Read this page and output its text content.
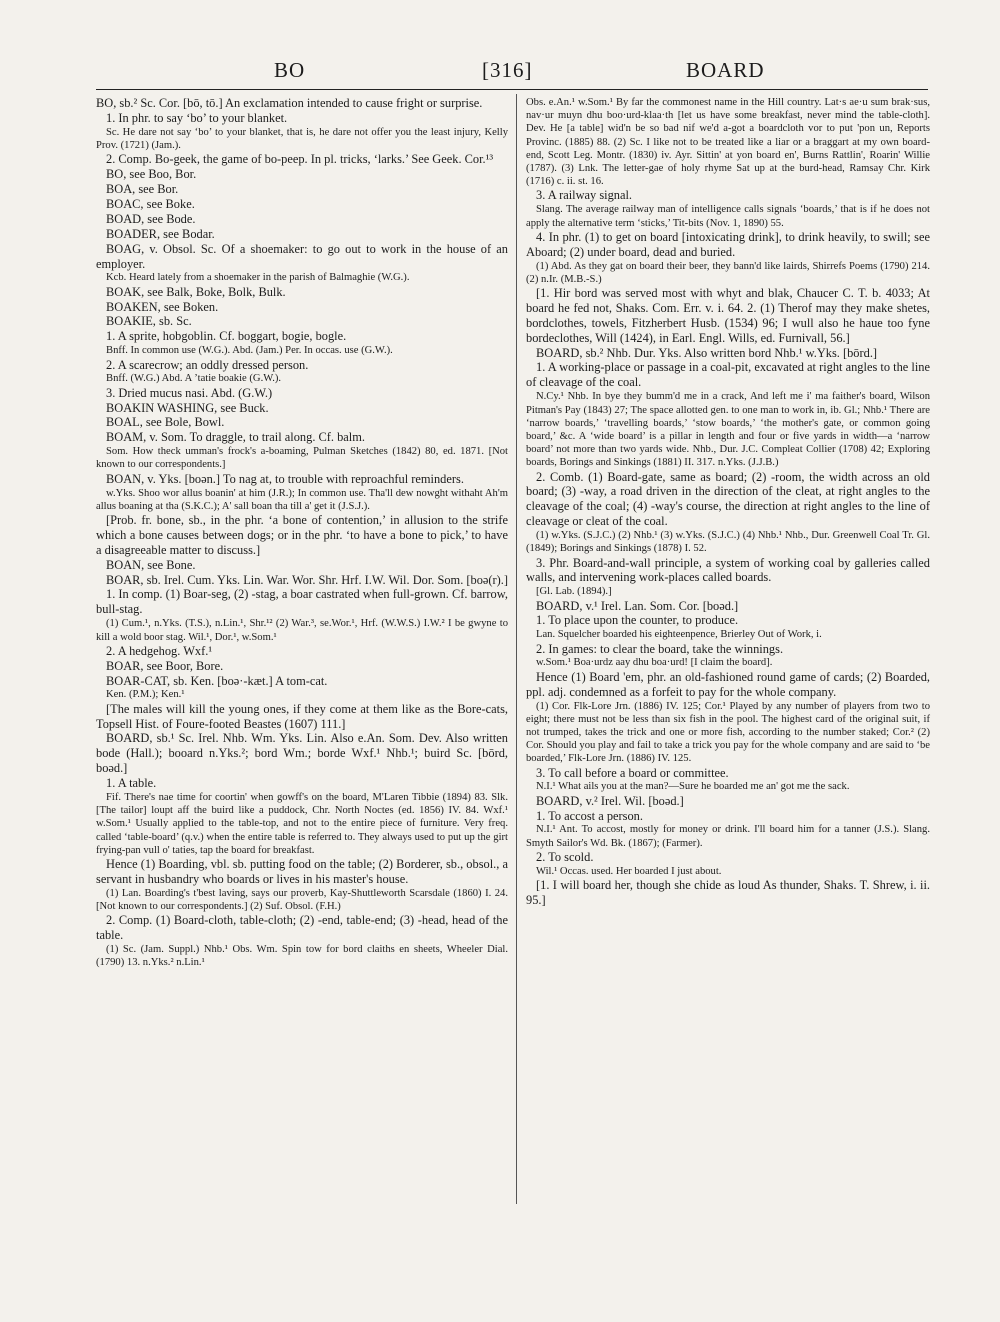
BO	[316]	BOARD

BO, sb.² Sc. Cor. [bō, tō.] An exclamation intended to cause fright or surprise.

1. In phr. to say ‘bo’ to your blanket.

Sc. He dare not say ‘bo’ to your blanket, that is, he dare not offer you the least injury, Kelly Prov. (1721) (Jam.).

2. Comp. Bo-geek, the game of bo-peep. In pl. tricks, ‘larks.’ See Geek. Cor.¹³

BO, see Boo, Bor.

BOA, see Bor.

BOAC, see Boke.

BOAD, see Bode.

BOADER, see Bodar.

BOAG, v. Obsol. Sc. Of a shoemaker: to go out to work in the house of an employer.

Kcb. Heard lately from a shoemaker in the parish of Balmaghie (W.G.).

BOAK, see Balk, Boke, Bolk, Bulk.

BOAKEN, see Boken.

BOAKIE, sb. Sc.

1. A sprite, hobgoblin. Cf. boggart, bogie, bogle.

Bnff. In common use (W.G.). Abd. (Jam.) Per. In occas. use (G.W.).

2. A scarecrow; an oddly dressed person.

Bnff. (W.G.) Abd. A ’tatie boakie (G.W.).

3. Dried mucus nasi. Abd. (G.W.)

BOAKIN WASHING, see Buck.

BOAL, see Bole, Bowl.

BOAM, v. Som. To draggle, to trail along. Cf. balm.

Som. How theck umman's frock's a-boaming, Pulman Sketches (1842) 80, ed. 1871. [Not known to our correspondents.]

BOAN, v. Yks. [boən.] To nag at, to trouble with reproachful reminders.

w.Yks. Shoo wor allus boanin' at him (J.R.); In common use. Tha'll dew nowght withaht Ah'm allus boaning at tha (S.K.C.); A' sall boan tha till a' get it (J.S.J.).

[Prob. fr. bone, sb., in the phr. ‘a bone of contention,’ in allusion to the strife which a bone causes between dogs; or in the phr. ‘to have a bone to pick,’ to have a disagreeable matter to discuss.]

BOAN, see Bone.

BOAR, sb. Irel. Cum. Yks. Lin. War. Wor. Shr. Hrf. I.W. Wil. Dor. Som. [boə(r).]

1. In comp. (1) Boar-seg, (2) -stag, a boar castrated when full-grown. Cf. barrow, bull-stag.

(1) Cum.¹, n.Yks. (T.S.), n.Lin.¹, Shr.¹² (2) War.³, se.Wor.¹, Hrf. (W.W.S.) I.W.² I be gwyne to kill a wold boor stag. Wil.¹, Dor.¹, w.Som.¹

2. A hedgehog. Wxf.¹

BOAR, see Boor, Bore.

BOAR-CAT, sb. Ken. [boə·-kæt.] A tom-cat.

Ken. (P.M.); Ken.¹

[The males will kill the young ones, if they come at them like as the Bore-cats, Topsell Hist. of Foure-footed Beastes (1607) 111.]

BOARD, sb.¹ Sc. Irel. Nhb. Wm. Yks. Lin. Also e.An. Som. Dev. Also written bode (Hall.); booard n.Yks.²; bord Wm.; borde Wxf.¹ Nhb.¹; buird Sc. [bōrd, boəd.]

1. A table.

Fif. There's nae time for coortin' when gowff's on the board, M'Laren Tibbie (1894) 83. Slk. [The tailor] loupt aff the buird like a puddock, Chr. North Noctes (ed. 1856) IV. 84. Wxf.¹ w.Som.¹ Usually applied to the table-top, and not to the entire piece of furniture. Very freq. called ‘table-board’ (q.v.) when the entire table is referred to. They always used to put up the girt frying-pan vull o' taties, tap the board for breakfast.

Hence (1) Boarding, vbl. sb. putting food on the table; (2) Borderer, sb., obsol., a servant in husbandry who boards or lives in his master's house.

(1) Lan. Boarding's t'best laving, says our proverb, Kay-Shuttleworth Scarsdale (1860) I. 24. [Not known to our correspondents.] (2) Suf. Obsol. (F.H.)

2. Comp. (1) Board-cloth, table-cloth; (2) -end, table-end; (3) -head, head of the table.

(1) Sc. (Jam. Suppl.) Nhb.¹ Obs. Wm. Spin tow for bord claiths en sheets, Wheeler Dial. (1790) 13. n.Yks.² n.Lin.¹

Obs. e.An.¹ w.Som.¹ By far the commonest name in the Hill country. Lat·s ae·u sum brak·sus, nav·ur muyn dhu boo·urd-klaa·th [let us have some breakfast, never mind the table-cloth]. Dev. He [a table] wid'n be so bad nif we'd a-got a boardcloth vor to put 'pon un, Reports Provinc. (1885) 88. (2) Sc. I like not to be treated like a liar or a braggart at my own board-end, Scott Leg. Montr. (1830) iv. Ayr. Sittin' at yon board en', Burns Rattlin', Roarin' Willie (1787). (3) Lnk. The letter-gae of holy rhyme Sat up at the burd-head, Ramsay Chr. Kirk (1716) c. ii. st. 16.

3. A railway signal.

Slang. The average railway man of intelligence calls signals ‘boards,’ that is if he does not apply the alternative term ‘sticks,’ Tit-bits (Nov. 1, 1890) 55.

4. In phr. (1) to get on board [intoxicating drink], to drink heavily, to swill; see Aboard; (2) under board, dead and buried.

(1) Abd. As they gat on board their beer, they bann'd like lairds, Shirrefs Poems (1790) 214. (2) n.Ir. (M.B.-S.)

[1. Hir bord was served most with whyt and blak, Chaucer C. T. b. 4033; At board he fed not, Shaks. Com. Err. v. i. 64. 2. (1) Therof may they make shetes, bordclothes, towels, Fitzherbert Husb. (1534) 96; I wull also he haue too fyne bordeclothes, Will (1424), in Earl. Engl. Wills, ed. Furnivall, 56.]

BOARD, sb.² Nhb. Dur. Yks. Also written bord Nhb.¹ w.Yks. [bōrd.]

1. A working-place or passage in a coal-pit, excavated at right angles to the line of cleavage of the coal.

N.Cy.¹ Nhb. In bye they bumm'd me in a crack, And left me i' ma faither's board, Wilson Pitman's Pay (1843) 27; The space allotted gen. to one man to work in, ib. Gl.; Nhb.¹ There are ‘narrow boards,’ ‘travelling boards,’ ‘stow boards,’ ‘the mother's gate, or common going board,’ &c. A ‘wide board’ is a pillar in length and four or five yards in width—a ‘narrow board’ not more than two yards wide. Nhb., Dur. J.C. Compleat Collier (1708) 42; Exploring boards, Borings and Sinkings (1881) II. 317. n.Yks. (J.J.B.)

2. Comb. (1) Board-gate, same as board; (2) -room, the width across an old board; (3) -way, a road driven in the direction of the cleat, at right angles to the cleavage of the coal; (4) -way's course, the direction at right angles to the line of cleavage or cleat of the coal.

(1) w.Yks. (S.J.C.) (2) Nhb.¹ (3) w.Yks. (S.J.C.) (4) Nhb.¹ Nhb., Dur. Greenwell Coal Tr. Gl. (1849); Borings and Sinkings (1878) I. 52.

3. Phr. Board-and-wall principle, a system of working coal by galleries called walls, and intervening work-places called boards.

[Gl. Lab. (1894).]

BOARD, v.¹ Irel. Lan. Som. Cor. [boəd.]

1. To place upon the counter, to produce.

Lan. Squelcher boarded his eighteenpence, Brierley Out of Work, i.

2. In games: to clear the board, take the winnings.

w.Som.¹ Boa·urdz aay dhu boa·urd! [I claim the board].

Hence (1) Board 'em, phr. an old-fashioned round game of cards; (2) Boarded, ppl. adj. condemned as a forfeit to pay for the whole company.

(1) Cor. Flk-Lore Jrn. (1886) IV. 125; Cor.¹ Played by any number of players from two to eight; there must not be less than six fish in the pool. The highest card of the original suit, if not trumped, takes the trick and one or more fish, according to the number staked; Cor.² (2) Cor. Should you play and fail to take a trick you pay for the whole company and are said to ‘be boarded,’ Flk-Lore Jrn. (1886) IV. 125.

3. To call before a board or committee.

N.I.¹ What ails you at the man?—Sure he boarded me an' got me the sack.

BOARD, v.² Irel. Wil. [boəd.]

1. To accost a person.

N.I.¹ Ant. To accost, mostly for money or drink. I'll board him for a tanner (J.S.). Slang. Smyth Sailor's Wd. Bk. (1867); (Farmer).

2. To scold.

Wil.¹ Occas. used. Her boarded I just about.

[1. I will board her, though she chide as loud As thunder, Shaks. T. Shrew, i. ii. 95.]
